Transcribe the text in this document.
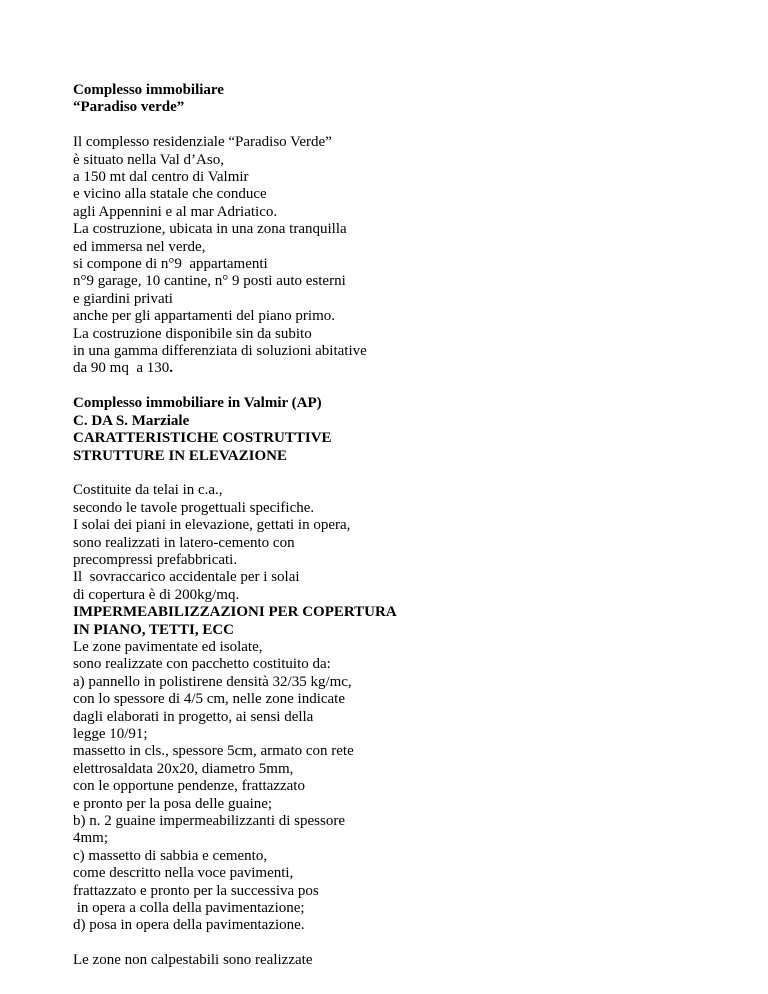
Complesso immobiliare
“Paradiso verde”
Il complesso residenziale “Paradiso Verde”
è situato nella Val d’Aso,
a 150 mt dal centro di Valmir
e vicino alla statale che conduce
agli Appennini e al mar Adriatico.
La costruzione, ubicata in una zona tranquilla
ed immersa nel verde,
si compone di n°9  appartamenti
n°9 garage, 10 cantine, n° 9 posti auto esterni
e giardini privati
anche per gli appartamenti del piano primo.
La costruzione disponibile sin da subito
in una gamma differenziata di soluzioni abitative
da 90 mq  a 130.
Complesso immobiliare in Valmir (AP)
C. DA S. Marziale
CARATTERISTICHE COSTRUTTIVE
STRUTTURE IN ELEVAZIONE
Costituite da telai in c.a.,
secondo le tavole progettuali specifiche.
I solai dei piani in elevazione, gettati in opera,
sono realizzati in latero-cemento con
precompressi prefabbricati.
Il  sovraccarico accidentale per i solai
di copertura è di 200kg/mq.
IMPERMEABILIZZAZIONI PER COPERTURA
IN PIANO, TETTI, ECC
Le zone pavimentate ed isolate,
sono realizzate con pacchetto costituito da:
a) pannello in polistirene densità 32/35 kg/mc,
con lo spessore di 4/5 cm, nelle zone indicate
dagli elaborati in progetto, ai sensi della
legge 10/91;
massetto in cls., spessore 5cm, armato con rete
elettrosaldata 20x20, diametro 5mm,
con le opportune pendenze, frattazzato
e pronto per la posa delle guaine;
b) n. 2 guaine impermeabilizzanti di spessore
4mm;
c) massetto di sabbia e cemento,
come descritto nella voce pavimenti,
frattazzato e pronto per la successiva pos
in opera a colla della pavimentazione;
d) posa in opera della pavimentazione.
Le zone non calpestabili sono realizzate
